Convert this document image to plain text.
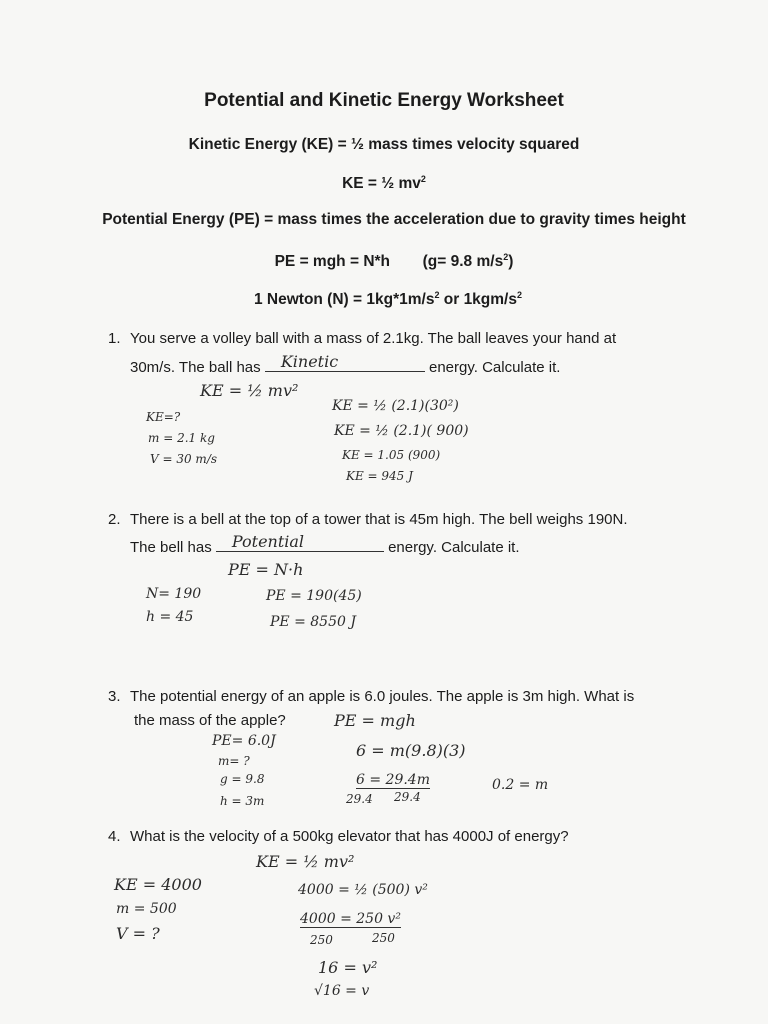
Potential and Kinetic Energy Worksheet
Kinetic Energy (KE) = ½ mass times velocity squared
KE = ½ $mv^2$
Potential Energy (PE) = mass times the acceleration due to gravity times height
PE = mgh = N*h (g= 9.8 $m/s^2$)
1 Newton $(N) = 1kg*1m/s^2$ or $1kgm/s^2$
1. You serve a volley ball with a mass of 2.1kg. The ball leaves your hand at
30m/s. The ball has Kinetic	energy. Calculate it.
KE = ½ mv²
KE=?
m = 2.1 kg
V = 30 m/s
KE = ½ (2.1)(30²)
KE = ½ (2.1)( 900)
KE = 1.05 (900)
KE = 945 J
2. There is a bell at the top of a tower that is 45m high. The bell weighs 190N.
The bell has Potential	energy. Calculate it.
PE = N·h
N= 190
h = 45
PE = 190(45)
PE = 8550 J
3. The potential energy of an apple is 6.0 joules. The apple is 3m high. What is
the mass of the apple?	PE = mgh
PE= 6.0J
m= ?
g = 9.8
h = 3m
6 = m(9.8)(3)
6 = 29.4m
29.4 29.4
0.2 = m
4. What is the velocity of a 500kg elevator that has 4000J of energy?
KE = ½ mv²
KE = 4000
m = 500
V = ?
4000 = ½ (500) v²
4000 = 250 v²
250	250
16 = v²
√16 = v
